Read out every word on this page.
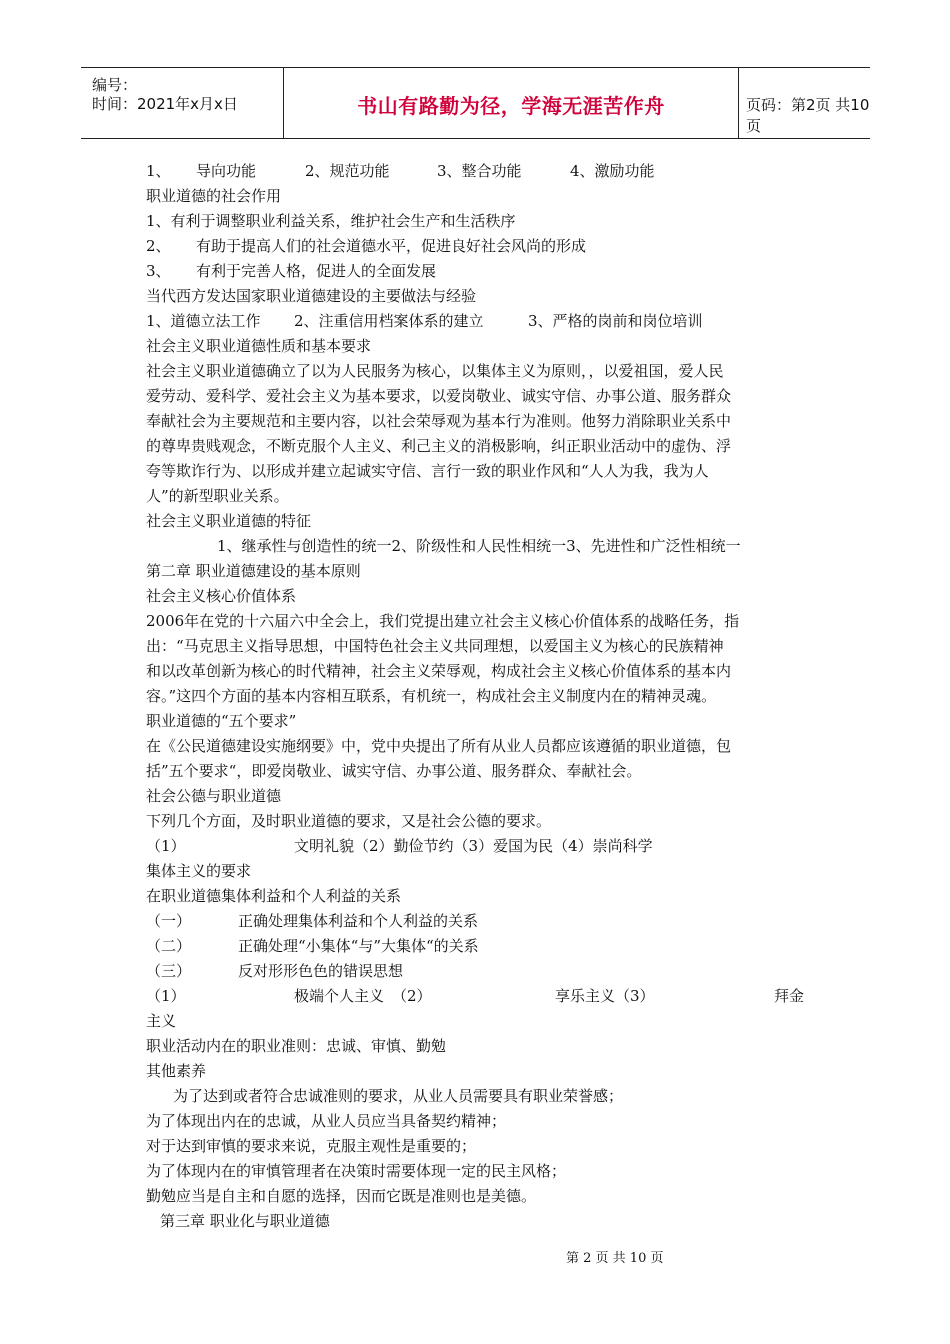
编号：
时间：2021年x月x日	书山有路勤为径，学海无涯苦作舟	页码：第2页 共10页
1、 导向功能	2、规范功能	3、整合功能	4、激励功能
职业道德的社会作用
1、有利于调整职业利益关系，维护社会生产和生活秩序
2、 有助于提高人们的社会道德水平，促进良好社会风尚的形成
3、 有利于完善人格，促进人的全面发展
当代西方发达国家职业道德建设的主要做法与经验
1、道德立法工作 2、注重信用档案体系的建立	3、严格的岗前和岗位培训
社会主义职业道德性质和基本要求
社会主义职业道德确立了以为人民服务为核心，以集体主义为原则，，以爱祖国，爱人民
爱劳动、爱科学、爱社会主义为基本要求，以爱岗敬业、诚实守信、办事公道、服务群众
奉献社会为主要规范和主要内容，以社会荣辱观为基本行为准则。他努力消除职业关系中
的尊卑贵贱观念，不断克服个人主义、利己主义的消极影响，纠正职业活动中的虚伪、浮
夸等欺诈行为、以形成并建立起诚实守信、言行一致的职业作风和“人人为我，我为人
人”的新型职业关系。
社会主义职业道德的特征
1、继承性与创造性的统一2、阶级性和人民性相统一3、先进性和广泛性相统一
第二章 职业道德建设的基本原则
社会主义核心价值体系
2006年在党的十六届六中全会上，我们党提出建立社会主义核心价值体系的战略任务，指
出：“马克思主义指导思想，中国特色社会主义共同理想，以爱国主义为核心的民族精神
和以改革创新为核心的时代精神，社会主义荣辱观，构成社会主义核心价值体系的基本内
容。”这四个方面的基本内容相互联系，有机统一，构成社会主义制度内在的精神灵魂。
职业道德的“五个要求”
在《公民道德建设实施纲要》中，党中央提出了所有从业人员都应该遵循的职业道德，包
括”五个要求“，即爱岗敬业、诚实守信、办事公道、服务群众、奉献社会。
社会公德与职业道德
下列几个方面，及时职业道德的要求，又是社会公德的要求。
（1）	文明礼貌（2）勤俭节约（3）爱国为民（4）崇尚科学
集体主义的要求
在职业道德集体利益和个人利益的关系
（一）	正确处理集体利益和个人利益的关系
（二）	正确处理“小集体“与”大集体“的关系
（三）	反对形形色色的错误思想
（1）	极端个人主义 （2）	享乐主义（3）	拜金
主义
职业活动内在的职业准则：忠诚、审慎、勤勉
其他素养
为了达到或者符合忠诚准则的要求，从业人员需要具有职业荣誉感；
为了体现出内在的忠诚，从业人员应当具备契约精神；
对于达到审慎的要求来说，克服主观性是重要的；
为了体现内在的审慎管理者在决策时需要体现一定的民主风格；
勤勉应当是自主和自愿的选择，因而它既是准则也是美德。
第三章 职业化与职业道德
第 2 页 共 10 页
